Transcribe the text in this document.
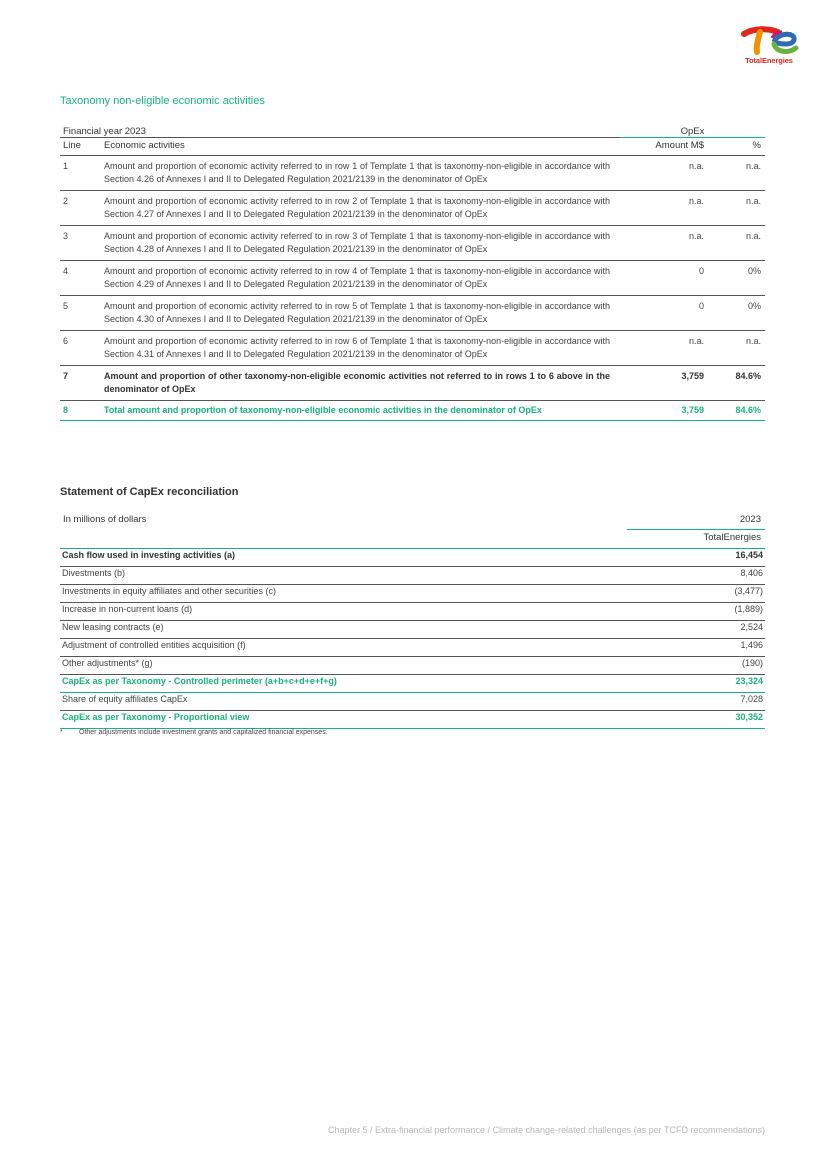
TotalEnergies
Taxonomy non-eligible economic activities
Financial year 2023		OpEx	
Line	Economic activities	Amount M$	%
1	Amount and proportion of economic activity referred to in row 1 of Template 1 that is taxonomy-non-eligible in accordance with Section 4.26 of Annexes I and II to Delegated Regulation 2021/2139 in the denominator of OpEx	n.a.	n.a.
2	Amount and proportion of economic activity referred to in row 2 of Template 1 that is taxonomy-non-eligible in accordance with Section 4.27 of Annexes I and II to Delegated Regulation 2021/2139 in the denominator of OpEx	n.a.	n.a.
3	Amount and proportion of economic activity referred to in row 3 of Template 1 that is taxonomy-non-eligible in accordance with Section 4.28 of Annexes I and II to Delegated Regulation 2021/2139 in the denominator of OpEx	n.a.	n.a.
4	Amount and proportion of economic activity referred to in row 4 of Template 1 that is taxonomy-non-eligible in accordance with Section 4.29 of Annexes I and II to Delegated Regulation 2021/2139 in the denominator of OpEx	0	0%
5	Amount and proportion of economic activity referred to in row 5 of Template 1 that is taxonomy-non-eligible in accordance with Section 4.30 of Annexes I and II to Delegated Regulation 2021/2139 in the denominator of OpEx	0	0%
6	Amount and proportion of economic activity referred to in row 6 of Template 1 that is taxonomy-non-eligible in accordance with Section 4.31 of Annexes I and II to Delegated Regulation 2021/2139 in the denominator of OpEx	n.a.	n.a.
7	Amount and proportion of other taxonomy-non-eligible economic activities not referred to in rows 1 to 6 above in the denominator of OpEx	3,759	84.6%
8	Total amount and proportion of taxonomy-non-eligible economic activities in the denominator of OpEx	3,759	84.6%
Statement of CapEx reconciliation
In millions of dollars	2023
	TotalEnergies
Cash flow used in investing activities (a)	16,454
Divestments (b)	8,406
Investments in equity affiliates and other securities (c)	(3,477)
Increase in non-current loans (d)	(1,889)
New leasing contracts (e)	2,524
Adjustment of controlled entities acquisition (f)	1,496
Other adjustments* (g)	(190)
CapEx as per Taxonomy - Controlled perimeter (a+b+c+d+e+f+g)	23,324
Share of equity affiliates CapEx	7,028
CapEx as per Taxonomy - Proportional view	30,352
* Other adjustments include investment grants and capitalized financial expenses.
Chapter 5 / Extra-financial performance / Climate change-related challenges (as per TCFD recommendations)
